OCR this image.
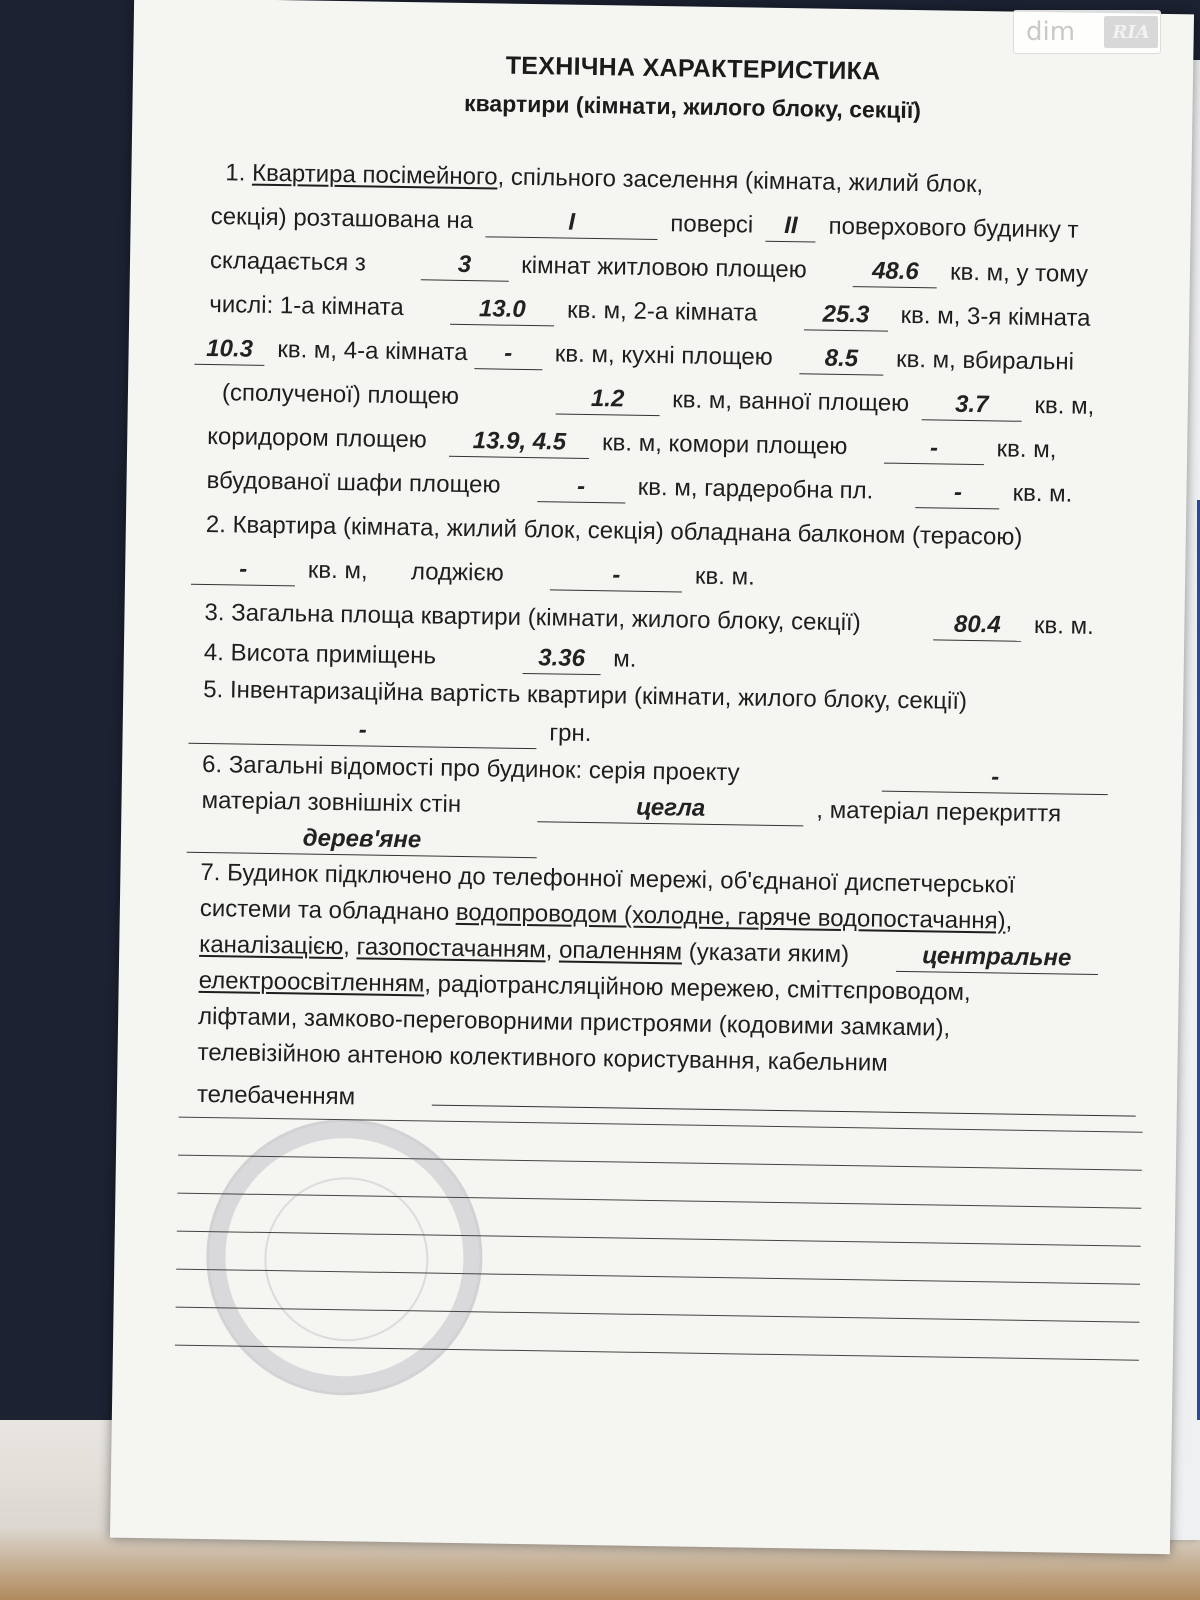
ТЕХНІЧНА ХАРАКТЕРИСТИКА
квартири (кімнати, жилого блоку, секції)
1. Квартира посімейного, спільного заселення (кімната, жилий блок,
секція) розташована на	I	поверсі II поверхового будинку т
складається з	3 кімнат житловою площею	48.6 кв. м, у тому
числі: 1-а кімната	13.0 кв. м, 2-а кімната	25.3 кв. м, 3-я кімната
10.3 кв. м, 4-а кімната - кв. м, кухні площею 8.5 кв. м, вбиральні
(сполученої) площею	1.2 кв. м, ванної площею 3.7 кв. м,
коридором площею 13.9, 4.5 кв. м, комори площею	- кв. м,
вбудованої шафи площею	- кв. м, гардеробна пл.	- кв. м.
2. Квартира (кімната, жилий блок, секція) обладнана балконом (терасою)
-	кв. м, лоджією	-	кв. м.
3. Загальна площа квартири (кімнати, жилого блоку, секції)	80.4 кв. м.
4. Висота приміщень	3.36 м.
5. Інвентаризаційна вартість квартири (кімнати, жилого блоку, секції)
-	грн.
6. Загальні відомості про будинок: серія проекту	-
матеріал зовнішніх стін	цегла	, матеріал перекриття
дерев'яне
7. Будинок підключено до телефонної мережі, об'єднаної диспетчерської
системи та обладнано водопроводом (холодне, гаряче водопостачання),
каналізацією, газопостачанням, опаленням (указати яким)	центральне
електроосвітленням, радіотрансляційною мережею, сміттєпроводом,
ліфтами, замково-переговорними пристроями (кодовими замками),
телевізійною антеною колективного користування, кабельним
телебаченням
dim	RIA
